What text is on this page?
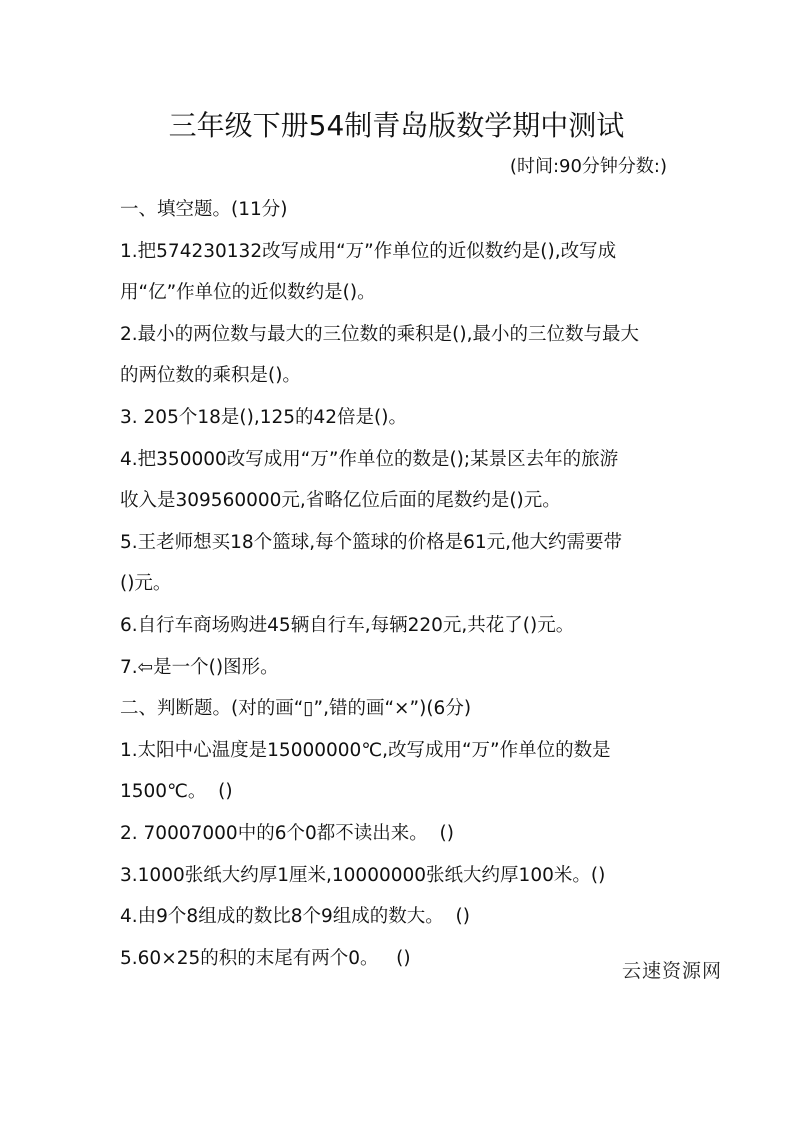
三年级下册54制青岛版数学期中测试
(时间:90分钟分数:)
一、填空题。(11分)
1.把574230132改写成用“万”作单位的近似数约是(),改写成
用“亿”作单位的近似数约是()。
2.最小的两位数与最大的三位数的乘积是(),最小的三位数与最大
的两位数的乘积是()。
3. 205个18是(),125的42倍是()。
4.把350000改写成用“万”作单位的数是();某景区去年的旅游
收入是309560000元,省略亿位后面的尾数约是()元。
5.王老师想买18个篮球,每个篮球的价格是61元,他大约需要带
()元。
6.自行车商场购进45辆自行车,每辆220元,共花了()元。
7.⇦是一个()图形。
二、判断题。(对的画“▯”,错的画“×”)(6分)
1.太阳中心温度是15000000℃,改写成用“万”作单位的数是
1500℃。  ()
2. 70007000中的6个0都不读出来。  ()
3.1000张纸大约厚1厘米,10000000张纸大约厚100米。()
4.由9个8组成的数比8个9组成的数大。  ()
5.60×25的积的末尾有两个0。   ()
云速资源网
